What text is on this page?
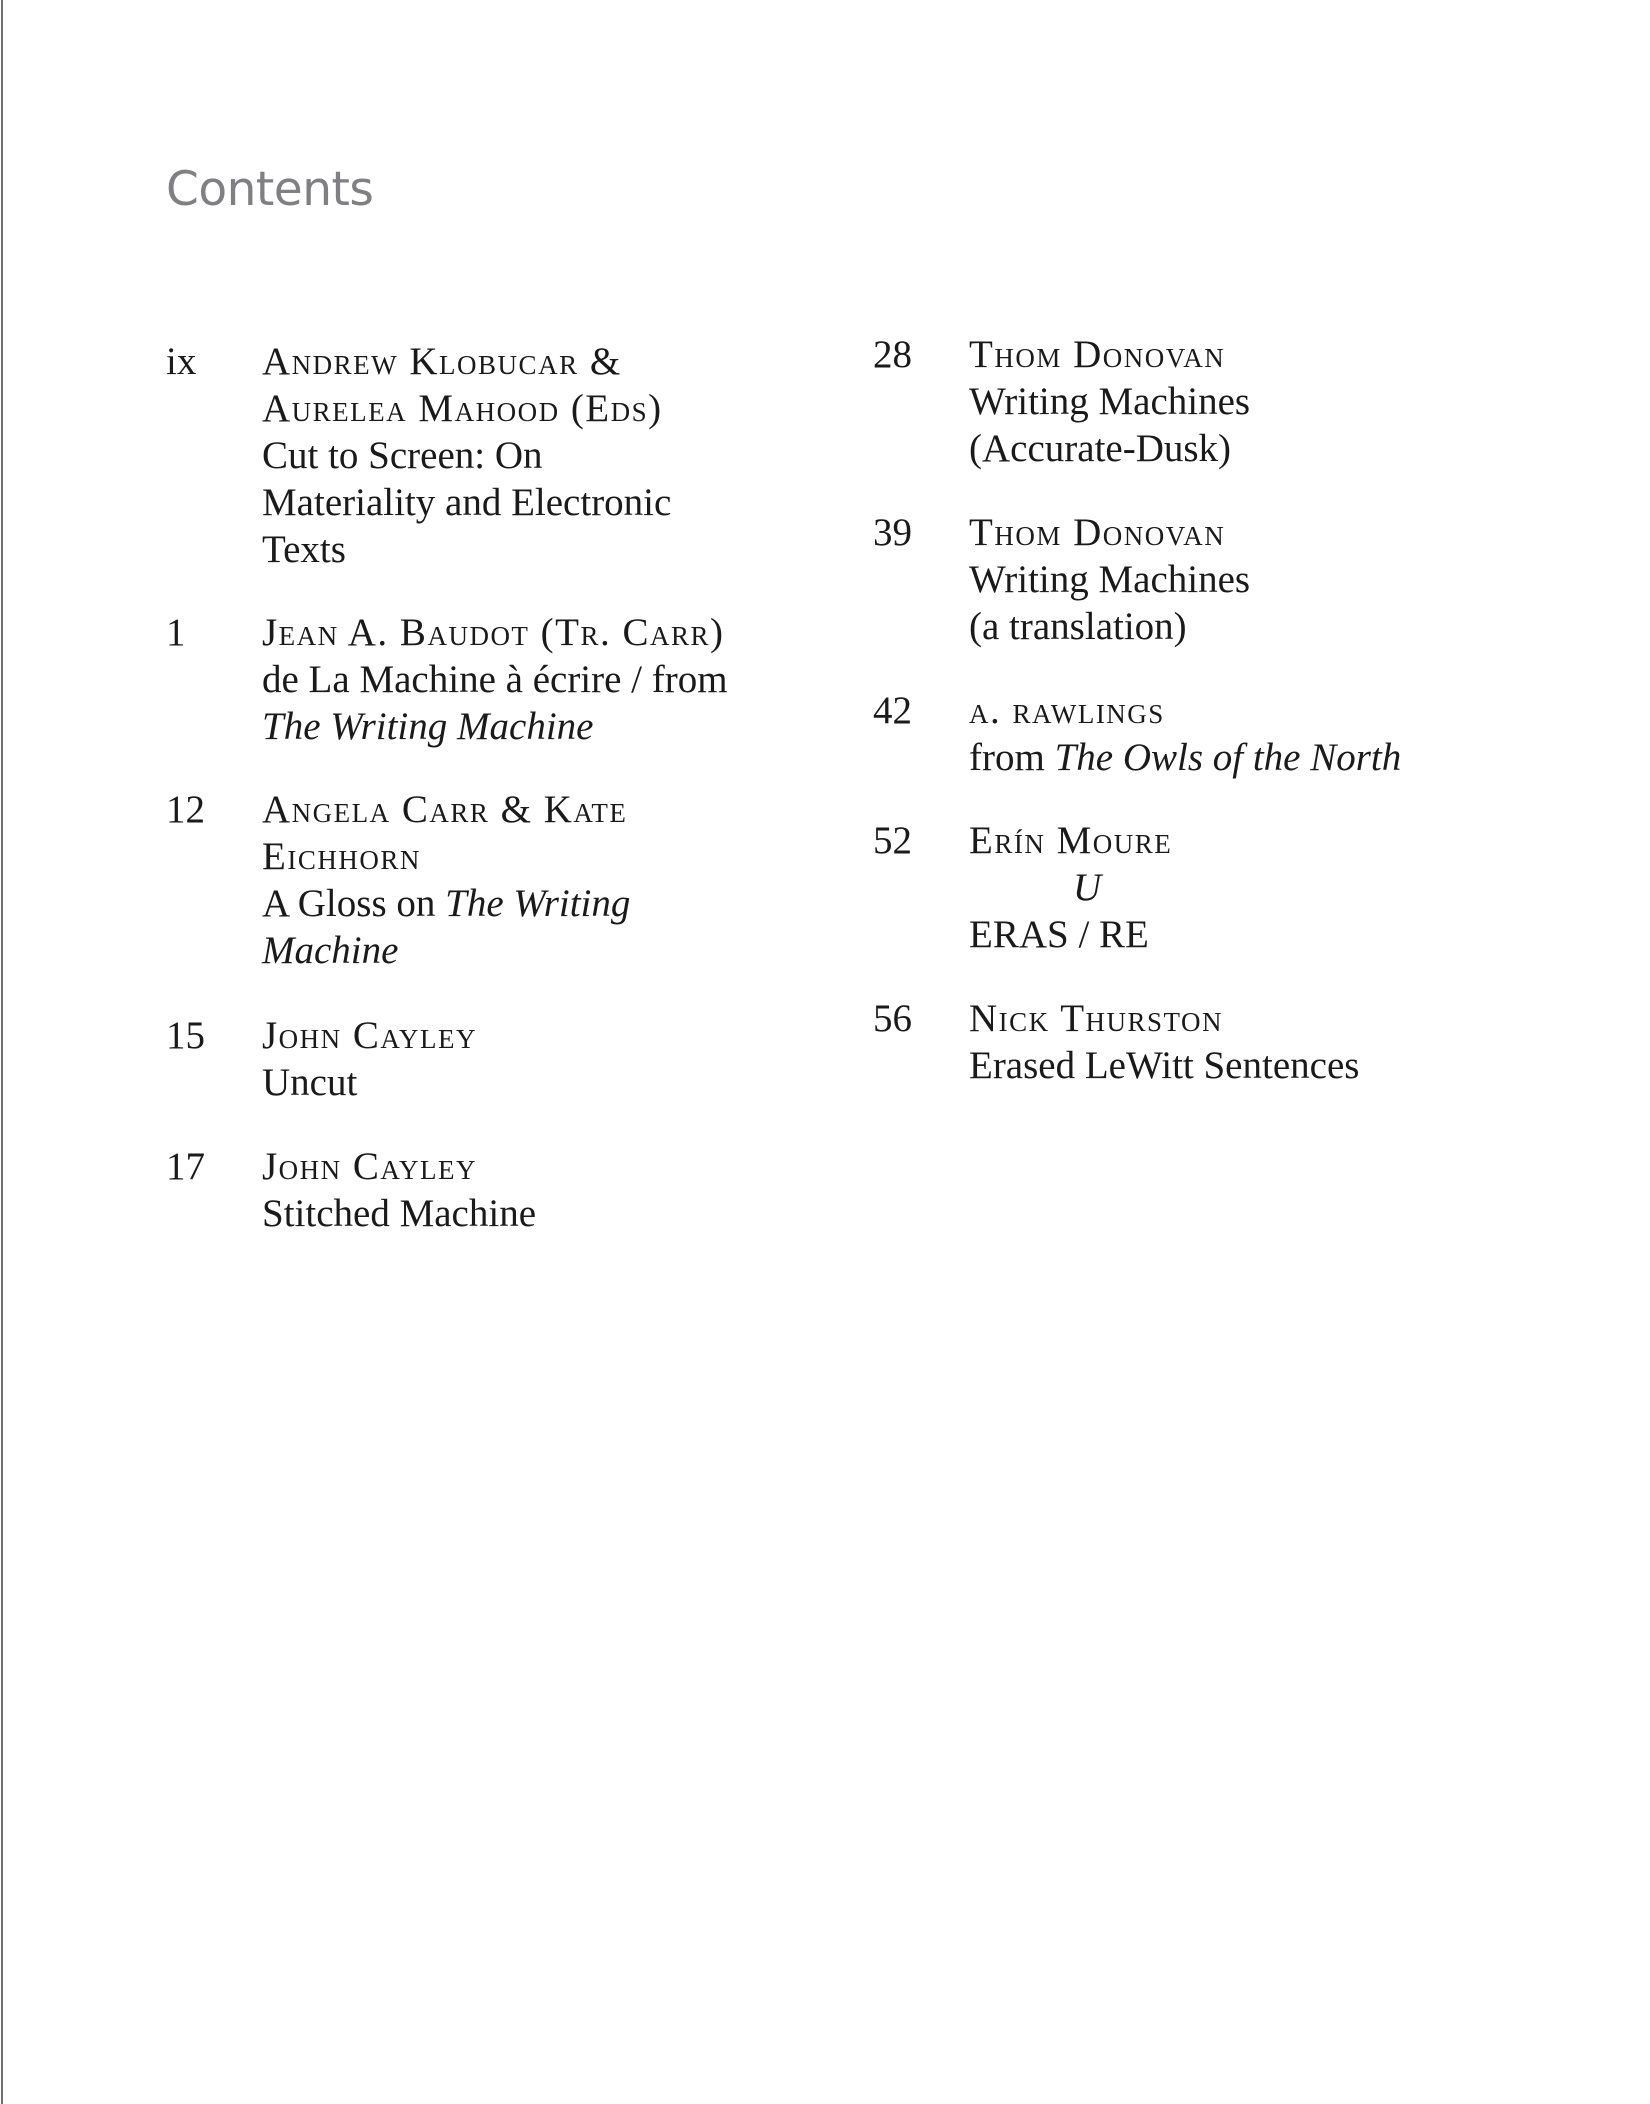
Contents
ix Andrew Klobucar &
Aurelea Mahood (Eds)
Cut to Screen: On
Materiality and Electronic
Texts
1 Jean A. Baudot (Tr. Carr)
de La Machine à écrire / from
The Writing Machine
12 Angela Carr & Kate
Eichhorn
A Gloss on The Writing
Machine
15 John Cayley
Uncut
17 John Cayley
Stitched Machine
28 Thom Donovan
Writing Machines
(Accurate-Dusk)
39 Thom Donovan
Writing Machines
(a translation)
42 a. rawlings
from The Owls of the North
52 Erín Moure
U
ERAS / RE
56 Nick Thurston
Erased LeWitt Sentences
